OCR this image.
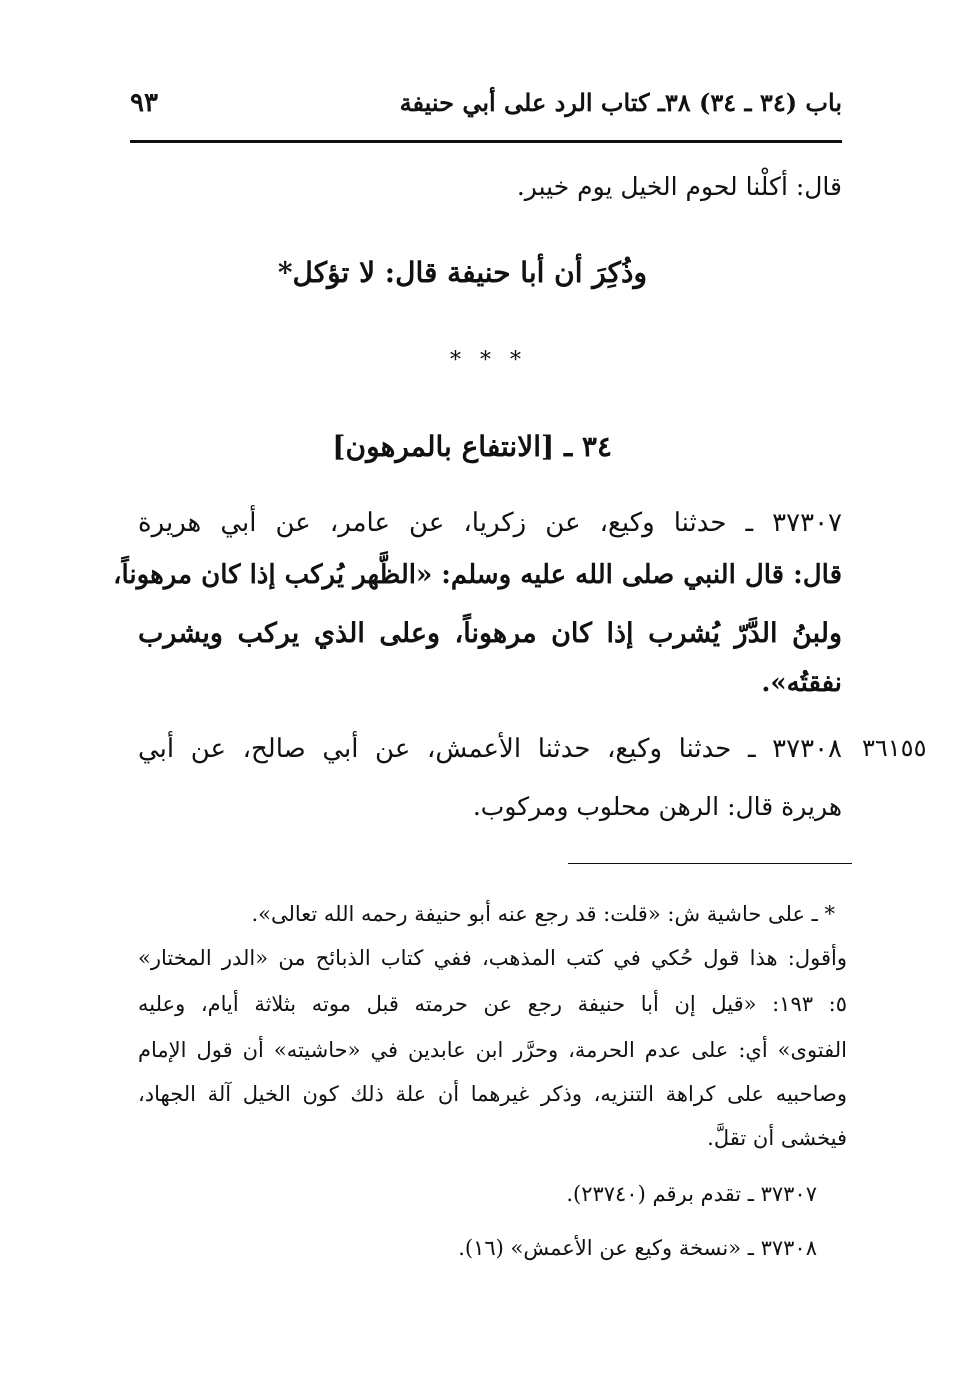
باب (٣٤ ـ ٣٤) ٣٨ـ كتاب الرد على أبي حنيفة
٩٣
قال: أكلْنا لحوم الخيل يوم خيبر.
وذُكِرَ أن أبا حنيفة قال: لا تؤكل*
* * *
٣٤ ـ [الانتفاع بالمرهون]
٣٧٣٠٧ ـ حدثنا وكيع، عن زكريا، عن عامر، عن أبي هريرة
قال: قال النبي صلى الله عليه وسلم: «الظَّهر يُركب إذا كان مرهوناً،
ولبنُ الدَّرّ يُشرب إذا كان مرهوناً، وعلى الذي يركب ويشرب
نفقتُه».
٣٦١٥٥
٣٧٣٠٨ ـ حدثنا وكيع، حدثنا الأعمش، عن أبي صالح، عن أبي
هريرة قال: الرهن محلوب ومركوب.
* ـ على حاشية ش: «قلت: قد رجع عنه أبو حنيفة رحمه الله تعالى».
وأقول: هذا قول حُكي في كتب المذهب، ففي كتاب الذبائح من «الدر المختار»
٥: ١٩٣: «قيل إن أبا حنيفة رجع عن حرمته قبل موته بثلاثة أيام، وعليه
الفتوى» أي: على عدم الحرمة، وحرَّر ابن عابدين في «حاشيته» أن قول الإمام
وصاحبيه على كراهة التنزيه، وذكر غيرهما أن علة ذلك كون الخيل آلة الجهاد،
فيخشى أن تقلَّ.
٣٧٣٠٧ ـ تقدم برقم (٢٣٧٤٠).
٣٧٣٠٨ ـ «نسخة وكيع عن الأعمش» (١٦).
